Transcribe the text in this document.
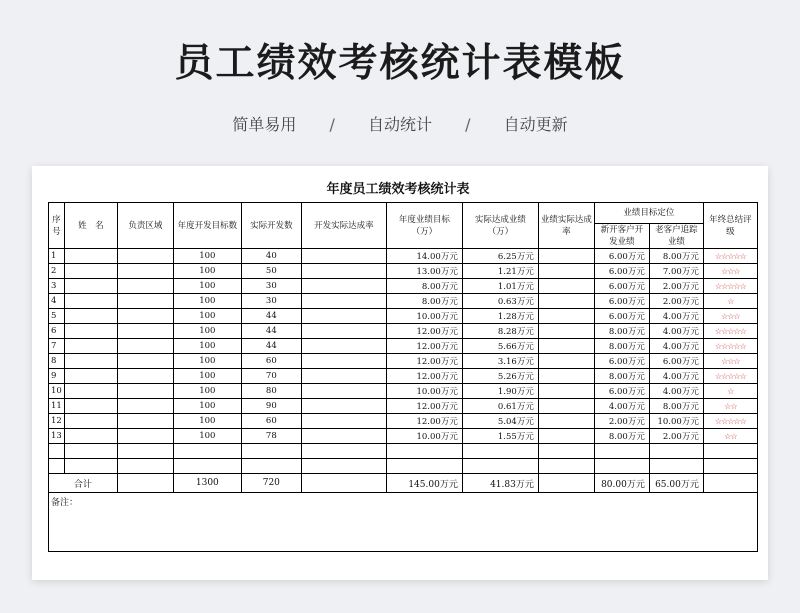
员工绩效考核统计表模板
简单易用 / 自动统计 / 自动更新
年度员工绩效考核统计表
序号	姓　名	负责区域	年度开发目标数	实际开发数	开发实际达成率	年度业绩目标（万）	实际达成业绩（万）	业绩实际达成率	业绩目标定位		年终总结评级
									新开客户开发业绩	老客户追踪业绩	
1			100	40		14.00万元	6.25万元		6.00万元	8.00万元	☆☆☆☆☆
2			100	50		13.00万元	1.21万元		6.00万元	7.00万元	☆☆☆
3			100	30		8.00万元	1.01万元		6.00万元	2.00万元	☆☆☆☆☆
4			100	30		8.00万元	0.63万元		6.00万元	2.00万元	☆
5			100	44		10.00万元	1.28万元		6.00万元	4.00万元	☆☆☆
6			100	44		12.00万元	8.28万元		8.00万元	4.00万元	☆☆☆☆☆
7			100	44		12.00万元	5.66万元		8.00万元	4.00万元	☆☆☆☆☆
8			100	60		12.00万元	3.16万元		6.00万元	6.00万元	☆☆☆
9			100	70		12.00万元	5.26万元		8.00万元	4.00万元	☆☆☆☆☆
10			100	80		10.00万元	1.90万元		6.00万元	4.00万元	☆
11			100	90		12.00万元	0.61万元		4.00万元	8.00万元	☆☆
12			100	60		12.00万元	5.04万元		2.00万元	10.00万元	☆☆☆☆☆
13			100	78		10.00万元	1.55万元		8.00万元	2.00万元	☆☆

合计			1300	720		145.00万元	41.83万元		80.00万元	65.00万元	
备注：											
